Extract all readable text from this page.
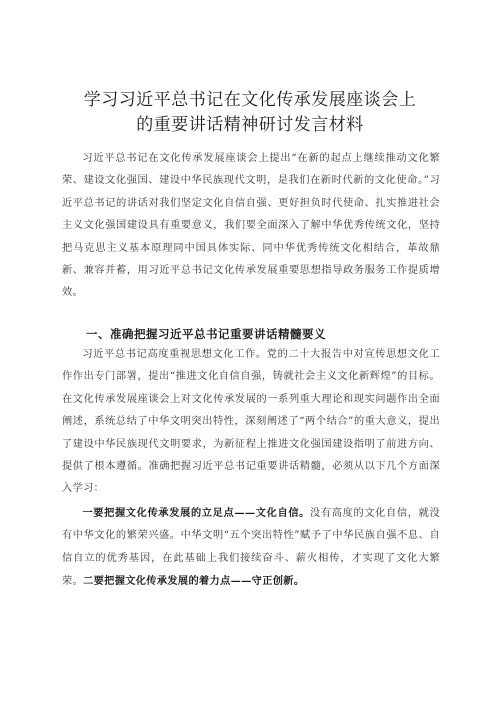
学习习近平总书记在文化传承发展座谈会上
的重要讲话精神研讨发言材料

习近平总书记在文化传承发展座谈会上提出“在新的起点上继续推动文化繁荣、建设文化强国、建设中华民族现代文明，是我们在新时代新的文化使命。”习近平总书记的讲话对我们坚定文化自信自强、更好担负时代使命、扎实推进社会主义文化强国建设具有重要意义，我们要全面深入了解中华优秀传统文化，坚持把马克思主义基本原理同中国具体实际、同中华优秀传统文化相结合，革故鼎新、兼容并蓄，用习近平总书记文化传承发展重要思想指导政务服务工作提质增效。

一、准确把握习近平总书记重要讲话精髓要义

习近平总书记高度重视思想文化工作。党的二十大报告中对宣传思想文化工作作出专门部署，提出“推进文化自信自强，铸就社会主义文化新辉煌”的目标。在文化传承发展座谈会上对文化传承发展的一系列重大理论和现实问题作出全面阐述，系统总结了中华文明突出特性，深刻阐述了“两个结合”的重大意义，提出了建设中华民族现代文明要求，为新征程上推进文化强国建设指明了前进方向、提供了根本遵循。准确把握习近平总书记重要讲话精髓，必须从以下几个方面深入学习：

一要把握文化传承发展的立足点——文化自信。没有高度的文化自信，就没有中华文化的繁荣兴盛。中华文明“五个突出特性”赋予了中华民族自强不息、自信自立的优秀基因，在此基础上我们接续奋斗、薪火相传，才实现了文化大繁荣。二要把握文化传承发展的着力点——守正创新。
